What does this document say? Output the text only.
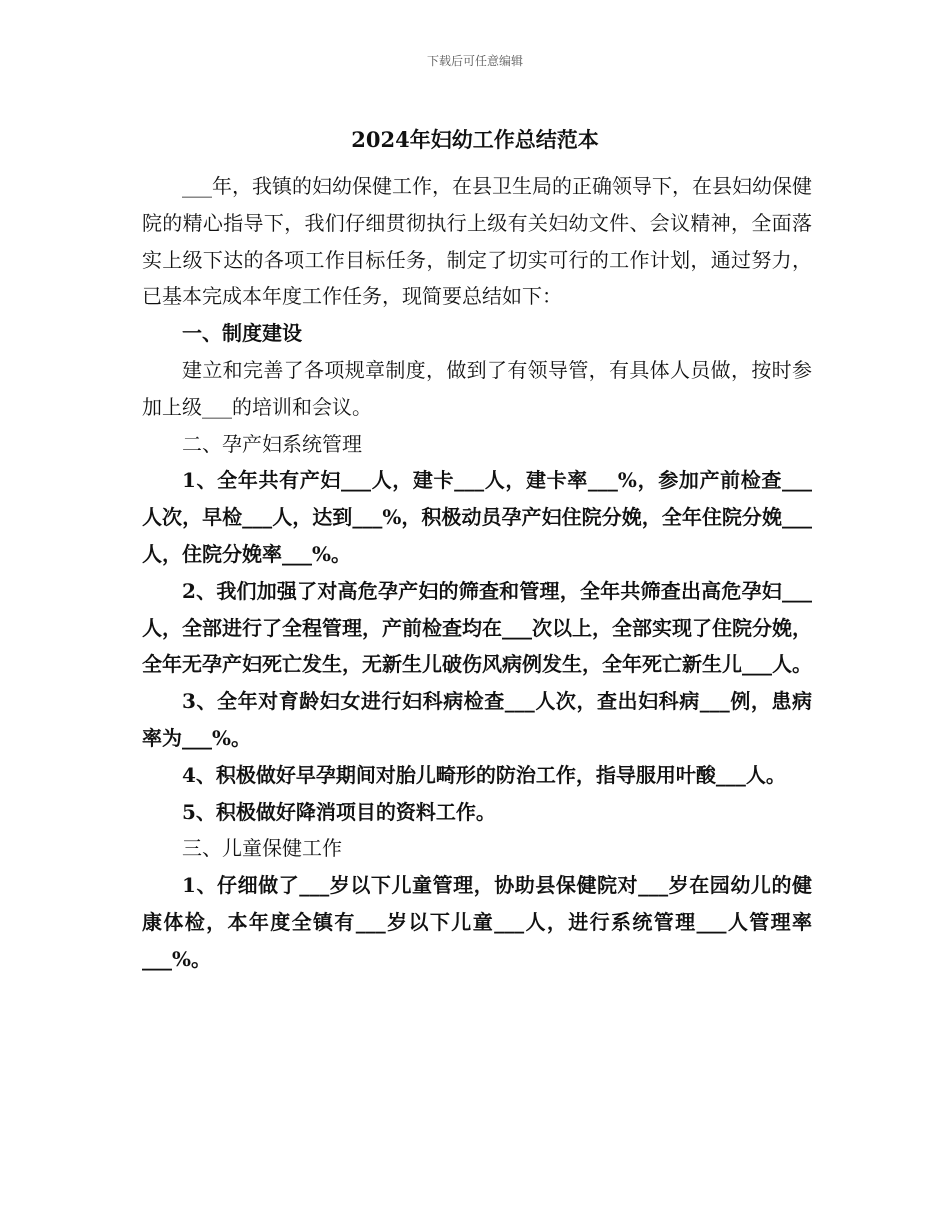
下载后可任意编辑
2024年妇幼工作总结范本

___年，我镇的妇幼保健工作，在县卫生局的正确领导下，在县妇幼保健院的精心指导下，我们仔细贯彻执行上级有关妇幼文件、会议精神，全面落实上级下达的各项工作目标任务，制定了切实可行的工作计划，通过努力，已基本完成本年度工作任务，现简要总结如下：

一、制度建设

建立和完善了各项规章制度，做到了有领导管，有具体人员做，按时参加上级___的培训和会议。

二、孕产妇系统管理

1、全年共有产妇___人，建卡___人，建卡率___%，参加产前检查___人次，早检___人，达到___%，积极动员孕产妇住院分娩，全年住院分娩___人，住院分娩率___%。

2、我们加强了对高危孕产妇的筛查和管理，全年共筛查出高危孕妇___人，全部进行了全程管理，产前检查均在___次以上，全部实现了住院分娩，全年无孕产妇死亡发生，无新生儿破伤风病例发生，全年死亡新生儿___人。

3、全年对育龄妇女进行妇科病检查___人次，查出妇科病___例，患病率为___%。

4、积极做好早孕期间对胎儿畸形的防治工作，指导服用叶酸___人。

5、积极做好降消项目的资料工作。

三、儿童保健工作

1、仔细做了___岁以下儿童管理，协助县保健院对___岁在园幼儿的健康体检，本年度全镇有___岁以下儿童___人，进行系统管理___人管理率___%。
